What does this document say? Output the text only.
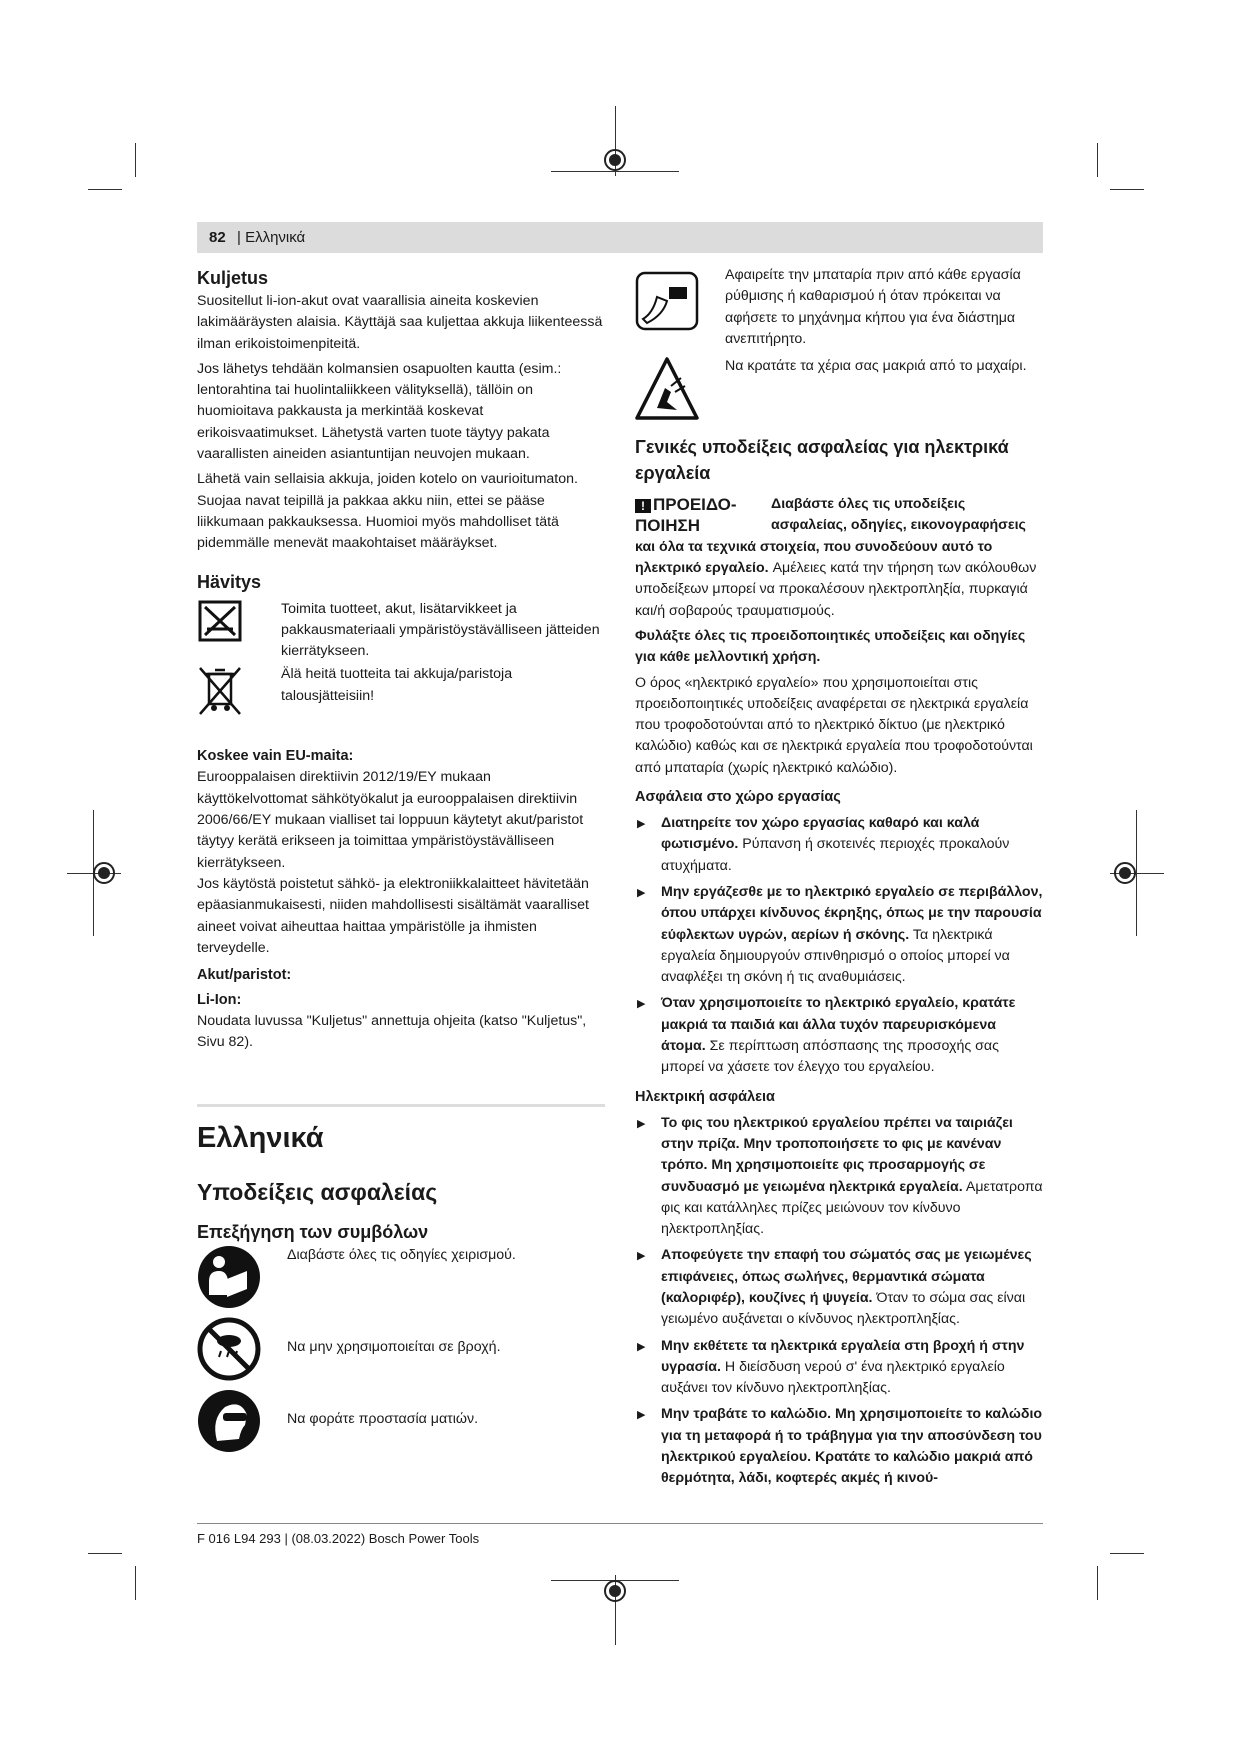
82 | Ελληνικά
Kuljetus

Suositellut li-ion-akut ovat vaarallisia aineita koskevien lakimääräysten alaisia. Käyttäjä saa kuljettaa akkuja liikenteessä ilman erikoistoimenpiteitä.

Jos lähetys tehdään kolmansien osapuolten kautta (esim.: lentorahtina tai huolintaliikkeen välityksellä), tällöin on huomioitava pakkausta ja merkintää koskevat erikoisvaatimukset. Lähetystä varten tuote täytyy pakata vaarallisten aineiden asiantuntijan neuvojen mukaan.

Lähetä vain sellaisia akkuja, joiden kotelo on vaurioitumaton. Suojaa navat teipillä ja pakkaa akku niin, ettei se pääse liikkumaan pakkauksessa. Huomioi myös mahdolliset tätä pidemmälle menevät maakohtaiset määräykset.

Hävitys

Toimita tuotteet, akut, lisätarvikkeet ja pakkausmateriaali ympäristöystävälliseen jätteiden kierrätykseen.

Älä heitä tuotteita tai akkuja/paristoja talousjätteisiin!

Koskee vain EU-maita:

Eurooppalaisen direktiivin 2012/19/EY mukaan käyttökelvottomat sähkötyökalut ja eurooppalaisen direktiivin 2006/66/EY mukaan vialliset tai loppuun käytetyt akut/paristot täytyy kerätä erikseen ja toimittaa ympäristöystävälliseen kierrätykseen.

Jos käytöstä poistetut sähkö- ja elektroniikkalaitteet hävitetään epäasianmukaisesti, niiden mahdollisesti sisältämät vaaralliset aineet voivat aiheuttaa haittaa ympäristölle ja ihmisten terveydelle.

Akut/paristot:
Li-Ion:

Noudata luvussa "Kuljetus" annettuja ohjeita (katso "Kuljetus", Sivu 82).

Ελληνικά
Υποδείξεις ασφαλείας
Επεξήγηση των συμβόλων

Διαβάστε όλες τις οδηγίες χειρισμού.

Να μην χρησιμοποιείται σε βροχή.

Να φοράτε προστασία ματιών.

Αφαιρείτε την μπαταρία πριν από κάθε εργασία ρύθμισης ή καθαρισμού ή όταν πρόκειται να αφήσετε το μηχάνημα κήπου για ένα διάστημα ανεπιτήρητο.

Να κρατάτε τα χέρια σας μακριά από το μαχαίρι.

Γενικές υποδείξεις ασφαλείας για ηλεκτρικά εργαλεία
! ΠΡΟΕΙΔΟ-ΠΟΙΗΣΗ

Διαβάστε όλες τις υποδείξεις ασφαλείας, οδηγίες, εικονογραφήσεις και όλα τα τεχνικά στοιχεία, που συνοδεύουν αυτό το ηλεκτρικό εργαλείο. Αμέλειες κατά την τήρηση των ακόλουθων υποδείξεων μπορεί να προκαλέσουν ηλεκτροπληξία, πυρκαγιά και/ή σοβαρούς τραυματισμούς.

Φυλάξτε όλες τις προειδοποιητικές υποδείξεις και οδηγίες για κάθε μελλοντική χρήση.

Ο όρος «ηλεκτρικό εργαλείο» που χρησιμοποιείται στις προειδοποιητικές υποδείξεις αναφέρεται σε ηλεκτρικά εργαλεία που τροφοδοτούνται από το ηλεκτρικό δίκτυο (με ηλεκτρικό καλώδιο) καθώς και σε ηλεκτρικά εργαλεία που τροφοδοτούνται από μπαταρία (χωρίς ηλεκτρικό καλώδιο).

Ασφάλεια στο χώρο εργασίας
▶ Διατηρείτε τον χώρο εργασίας καθαρό και καλά φωτισμένο. Ρύπανση ή σκοτεινές περιοχές προκαλούν ατυχήματα.
▶ Μην εργάζεσθε με το ηλεκτρικό εργαλείο σε περιβάλλον, όπου υπάρχει κίνδυνος έκρηξης, όπως με την παρουσία εύφλεκτων υγρών, αερίων ή σκόνης. Τα ηλεκτρικά εργαλεία δημιουργούν σπινθηρισμό ο οποίος μπορεί να αναφλέξει τη σκόνη ή τις αναθυμιάσεις.
▶ Όταν χρησιμοποιείτε το ηλεκτρικό εργαλείο, κρατάτε μακριά τα παιδιά και άλλα τυχόν παρευρισκόμενα άτομα. Σε περίπτωση απόσπασης της προσοχής σας μπορεί να χάσετε τον έλεγχο του εργαλείου.
Ηλεκτρική ασφάλεια
▶ Το φις του ηλεκτρικού εργαλείου πρέπει να ταιριάζει στην πρίζα. Μην τροποποιήσετε το φις με κανέναν τρόπο. Μη χρησιμοποιείτε φις προσαρμογής σε συνδυασμό με γειωμένα ηλεκτρικά εργαλεία. Αμετατροπα φις και κατάλληλες πρίζες μειώνουν τον κίνδυνο ηλεκτροπληξίας.
▶ Αποφεύγετε την επαφή του σώματός σας με γειωμένες επιφάνειες, όπως σωλήνες, θερμαντικά σώματα (καλοριφέρ), κουζίνες ή ψυγεία. Όταν το σώμα σας είναι γειωμένο αυξάνεται ο κίνδυνος ηλεκτροπληξίας.
▶ Μην εκθέτετε τα ηλεκτρικά εργαλεία στη βροχή ή στην υγρασία. Η διείσδυση νερού σ' ένα ηλεκτρικό εργαλείο αυξάνει τον κίνδυνο ηλεκτροπληξίας.
▶ Μην τραβάτε το καλώδιο. Μη χρησιμοποιείτε το καλώδιο για τη μεταφορά ή το τράβηγμα για την αποσύνδεση του ηλεκτρικού εργαλείου. Κρατάτε το καλώδιο μακριά από θερμότητα, λάδι, κοφτερές ακμές ή κινού-
F 016 L94 293 | (08.03.2022) Bosch Power Tools
